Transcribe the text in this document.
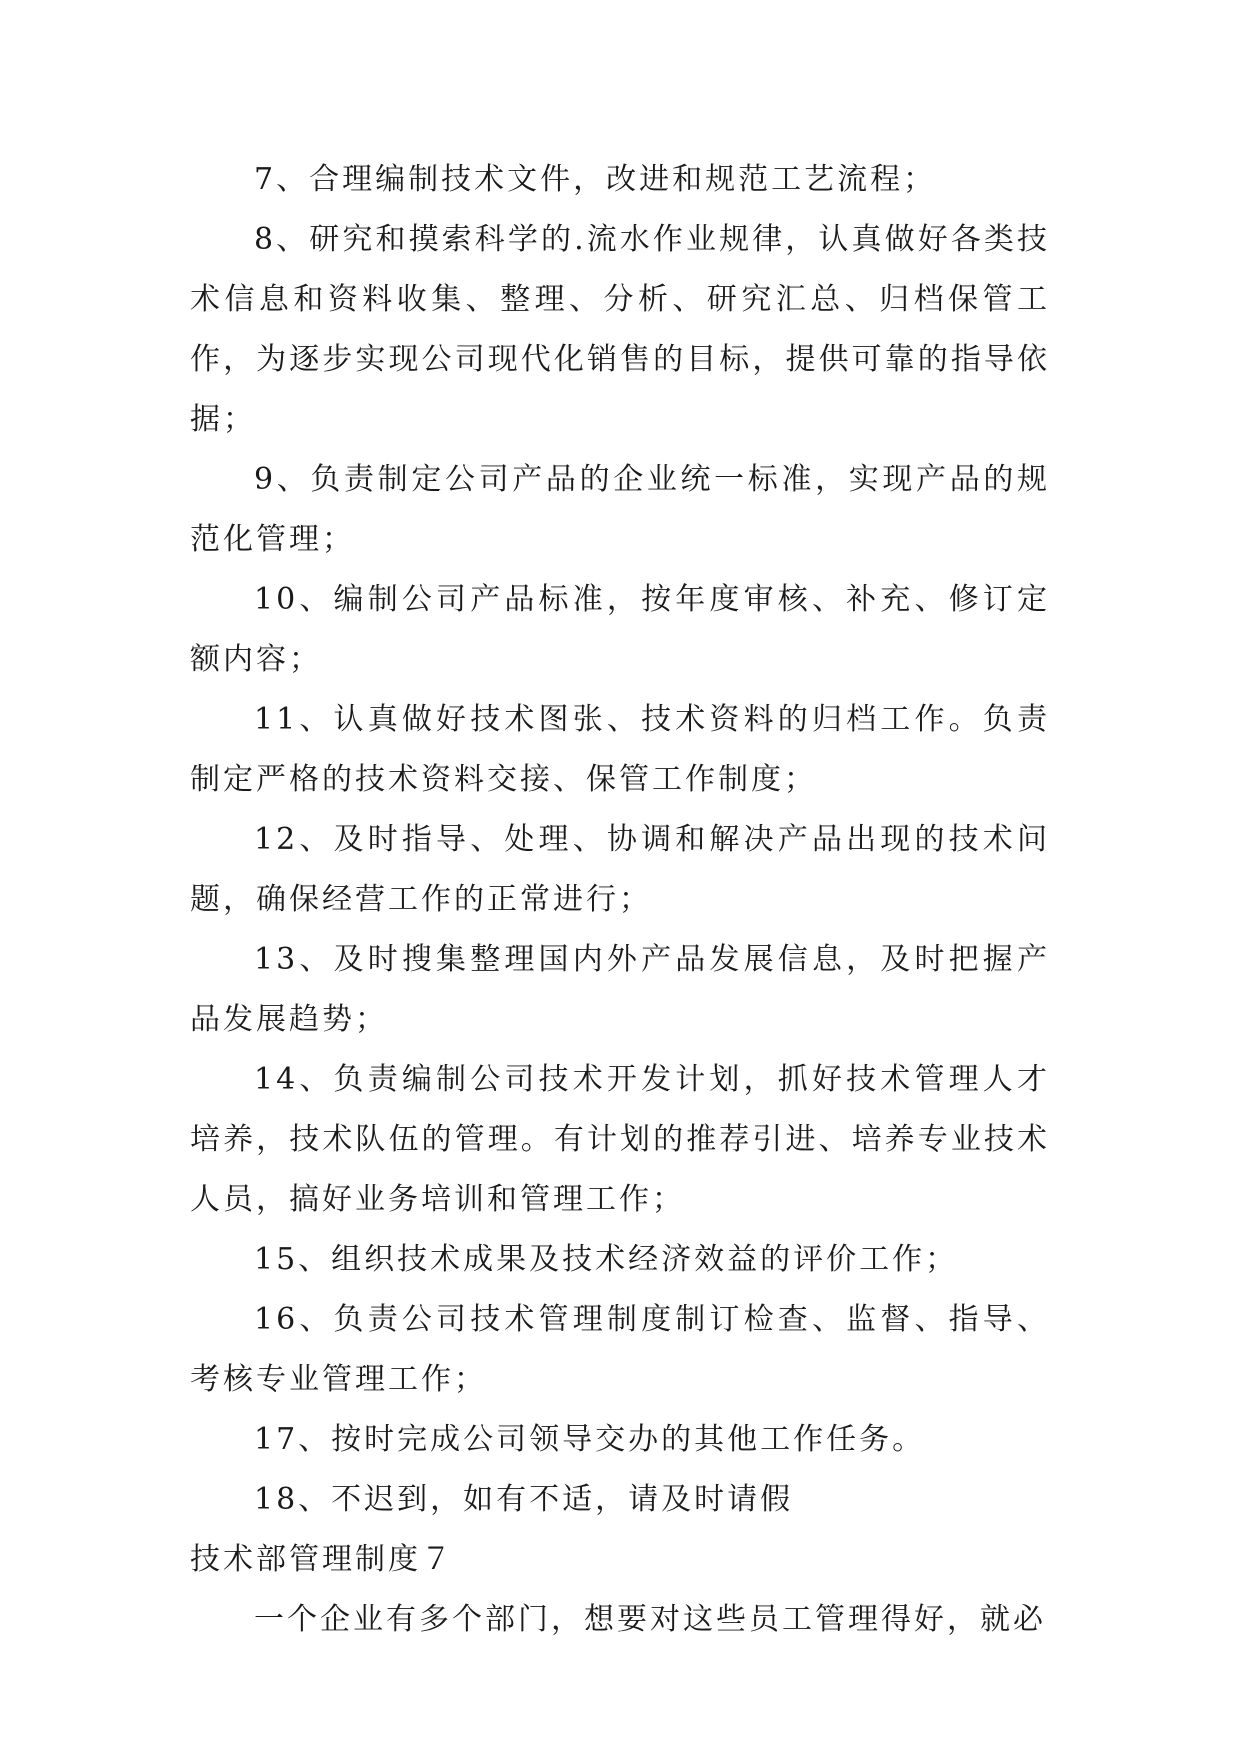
7、合理编制技术文件，改进和规范工艺流程；

8、研究和摸索科学的.流水作业规律，认真做好各类技术信息和资料收集、整理、分析、研究汇总、归档保管工作，为逐步实现公司现代化销售的目标，提供可靠的指导依据；

9、负责制定公司产品的企业统一标准，实现产品的规范化管理；

10、编制公司产品标准，按年度审核、补充、修订定额内容；

11、认真做好技术图张、技术资料的归档工作。负责制定严格的技术资料交接、保管工作制度；

12、及时指导、处理、协调和解决产品出现的技术问题，确保经营工作的正常进行；

13、及时搜集整理国内外产品发展信息，及时把握产品发展趋势；

14、负责编制公司技术开发计划，抓好技术管理人才培养，技术队伍的管理。有计划的推荐引进、培养专业技术人员，搞好业务培训和管理工作；

15、组织技术成果及技术经济效益的评价工作；

16、负责公司技术管理制度制订检查、监督、指导、考核专业管理工作；

17、按时完成公司领导交办的其他工作任务。

18、不迟到，如有不适，请及时请假

技术部管理制度７

一个企业有多个部门，想要对这些员工管理得好，就必
